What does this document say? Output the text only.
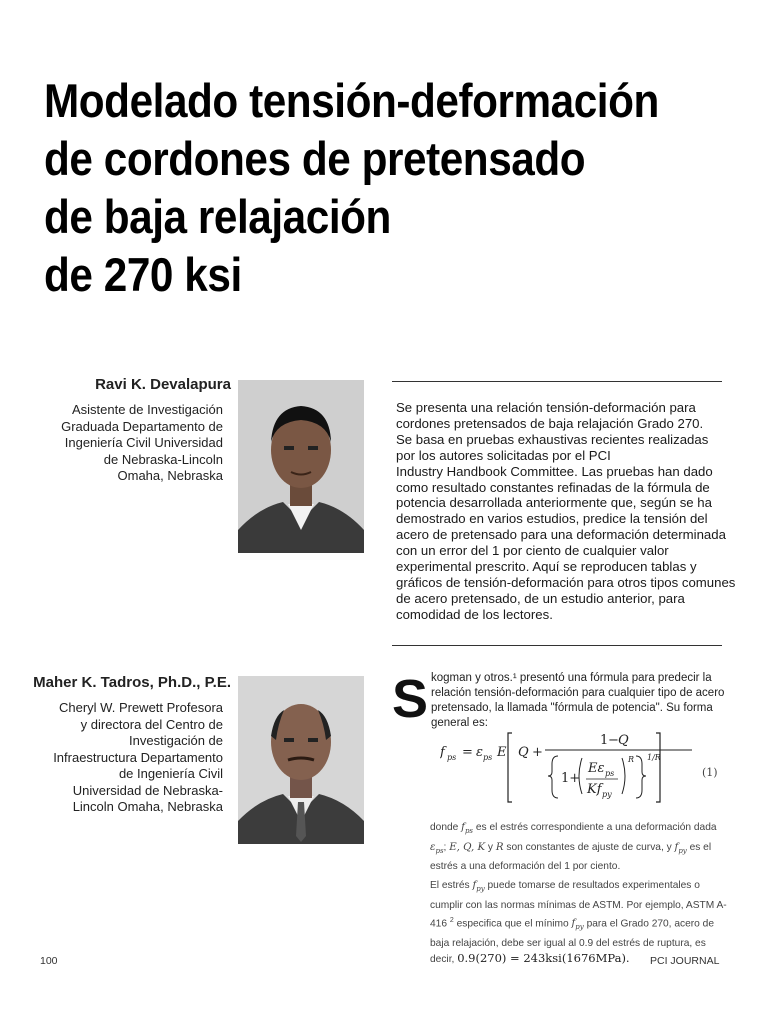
Modelado tensión-deformación
de cordones de pretensado
de baja relajación
de 270 ksi
Ravi K. Devalapura
Asistente de Investigación
Graduada Departamento de
Ingeniería Civil Universidad
de Nebraska-Lincoln
Omaha, Nebraska
Maher K. Tadros, Ph.D., P.E.
Cheryl W. Prewett Profesora
y directora del Centro de
Investigación de
Infraestructura Departamento
de Ingeniería Civil
Universidad de Nebraska-
Lincoln Omaha, Nebraska
Se presenta una relación tensión-deformación para
cordones pretensados de baja relajación Grado 270.
Se basa en pruebas exhaustivas recientes realizadas
por los autores solicitadas por el PCI
Industry Handbook Committee. Las pruebas han dado
como resultado constantes refinadas de la fórmula de
potencia desarrollada anteriormente que, según se ha
demostrado en varios estudios, predice la tensión del
acero de pretensado para una deformación determinada
con un error del 1 por ciento de cualquier valor
experimental prescrito. Aquí se reproducen tablas y
gráficos de tensión-deformación para otros tipos comunes
de acero pretensado, de un estudio anterior, para
comodidad de los lectores.
S kogman y otros.¹ presentó una fórmula para predecir la
relación tensión-deformación para cualquier tipo de acero
pretensado, la llamada "fórmula de potencia". Su forma
general es:
f ps = ε ps E Q +
1 − Q
1+
Eε ps
Kf py
R 1/R
(1)
donde $f_{ps}$ es el estrés correspondiente a una deformación dada
$\varepsilon_{ps}$; E, Q, K y R son constantes de ajuste de curva, y $f_{py}$ es el
estrés a una deformación del 1 por ciento.
El estrés $f_{py}$ puede tomarse de resultados experimentales o
cumplir con las normas mínimas de ASTM. Por ejemplo, ASTM A-
416 $^2$ especifica que el mínimo $f_{py}$ para el Grado 270, acero de
baja relajación, debe ser igual al 0.9 del estrés de ruptura, es
decir, 0.9(270) = 243ksi(1676MPa).
100	PCI JOURNAL
